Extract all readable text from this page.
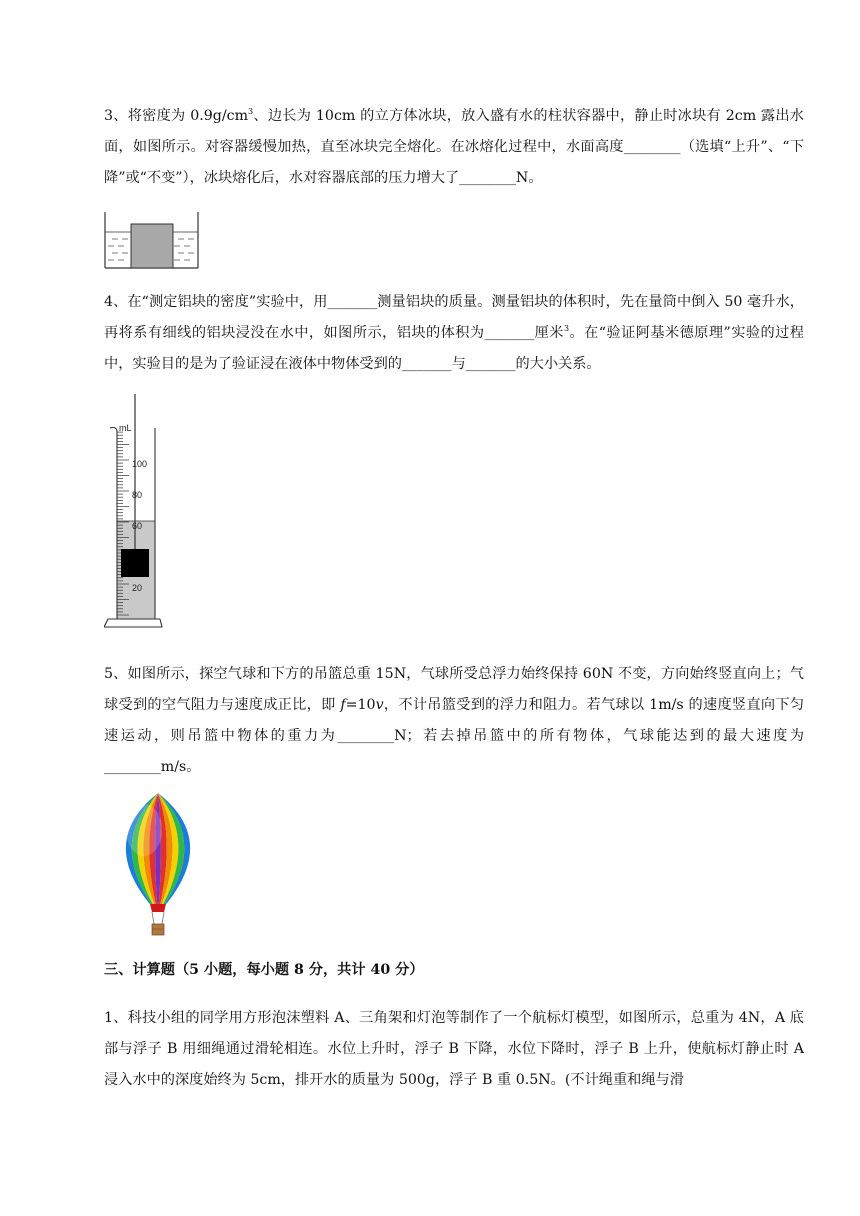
3、将密度为 $0.9g/cm^3$、边长为 10cm 的立方体冰块，放入盛有水的柱状容器中，静止时冰块有 2cm 露出水面，如图所示。对容器缓慢加热，直至冰块完全熔化。在冰熔化过程中，水面高度________（选填“上升”、“下降”或“不变”），冰块熔化后，水对容器底部的压力增大了________N。
4、在“测定铝块的密度”实验中，用_______测量铝块的质量。测量铝块的体积时，先在量筒中倒入 50 毫升水，再将系有细线的铝块浸没在水中，如图所示，铝块的体积为_______厘米$^3$。在“验证阿基米德原理”实验的过程中，实验目的是为了验证浸在液体中物体受到的_______与_______的大小关系。
mL
100
80
60
20
5、如图所示，探空气球和下方的吊篮总重 15N，气球所受总浮力始终保持 60N 不变，方向始终竖直向上；气球受到的空气阻力与速度成正比，即 f=10v，不计吊篮受到的浮力和阻力。若气球以 1m/s 的速度竖直向下匀速运动，则吊篮中物体的重力为________N；若去掉吊篮中的所有物体，气球能达到的最大速度为________m/s。
三、计算题（5 小题，每小题 8 分，共计 40 分）
1、科技小组的同学用方形泡沫塑料 A、三角架和灯泡等制作了一个航标灯模型，如图所示，总重为 4N，A 底部与浮子 B 用细绳通过滑轮相连。水位上升时，浮子 B 下降，水位下降时，浮子 B 上升，使航标灯静止时 A 浸入水中的深度始终为 5cm，排开水的质量为 500g，浮子 B 重 0.5N。(不计绳重和绳与滑
